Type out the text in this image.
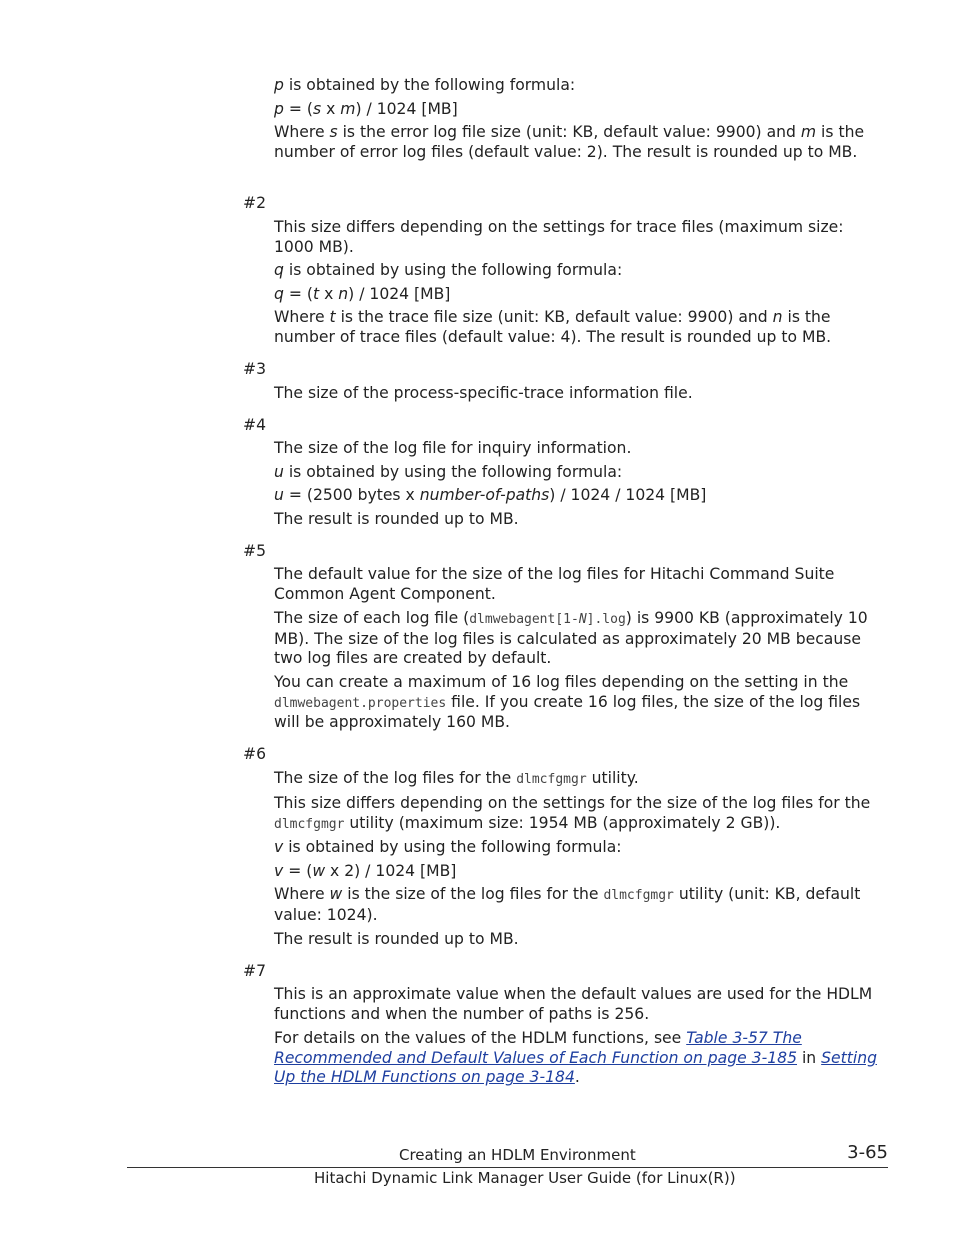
p is obtained by the following formula:

p = (s x m) / 1024 [MB]

Where s is the error log file size (unit: KB, default value: 9900) and m is the number of error log files (default value: 2). The result is rounded up to MB.

#2

This size differs depending on the settings for trace files (maximum size: 1000 MB).

q is obtained by using the following formula:

q = (t x n) / 1024 [MB]

Where t is the trace file size (unit: KB, default value: 9900) and n is the number of trace files (default value: 4). The result is rounded up to MB.

#3

The size of the process-specific-trace information file.

#4

The size of the log file for inquiry information.

u is obtained by using the following formula:

u = (2500 bytes x number-of-paths) / 1024 / 1024 [MB]

The result is rounded up to MB.

#5

The default value for the size of the log files for Hitachi Command Suite Common Agent Component.

The size of each log file (dlmwebagent[1-N].log) is 9900 KB (approximately 10 MB). The size of the log files is calculated as approximately 20 MB because two log files are created by default.

You can create a maximum of 16 log files depending on the setting in the dlmwebagent.properties file. If you create 16 log files, the size of the log files will be approximately 160 MB.

#6

The size of the log files for the dlmcfgmgr utility.

This size differs depending on the settings for the size of the log files for the dlmcfgmgr utility (maximum size: 1954 MB (approximately 2 GB)).

v is obtained by using the following formula:

v = (w x 2) / 1024 [MB]

Where w is the size of the log files for the dlmcfgmgr utility (unit: KB, default value: 1024).

The result is rounded up to MB.

#7

This is an approximate value when the default values are used for the HDLM functions and when the number of paths is 256.

For details on the values of the HDLM functions, see Table 3-57 The Recommended and Default Values of Each Function on page 3-185 in Setting Up the HDLM Functions on page 3-184.

Creating an HDLM Environment	3-65
Hitachi Dynamic Link Manager User Guide (for Linux(R))
